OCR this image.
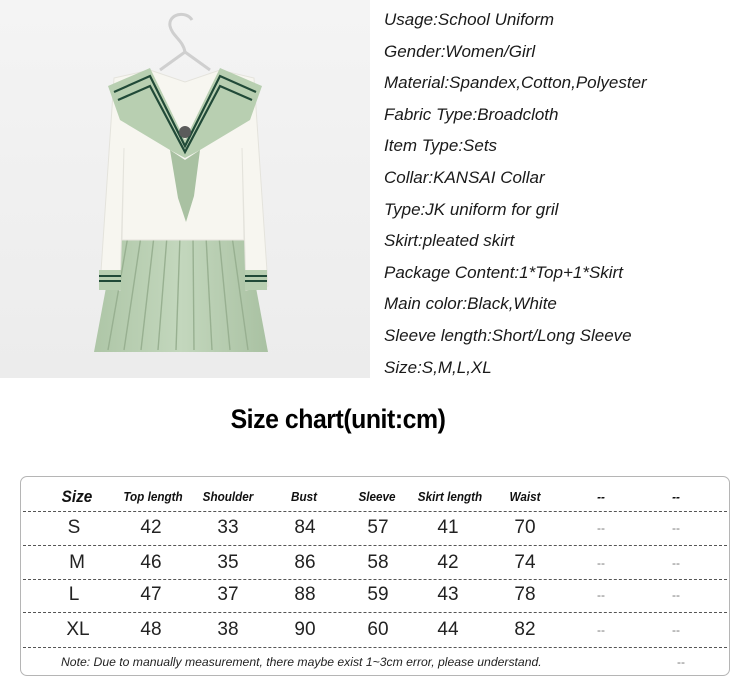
Usage:School Uniform
Gender:Women/Girl
Material:Spandex,Cotton,Polyester
Fabric Type:Broadcloth
Item Type:Sets
Collar:KANSAI Collar
Type:JK uniform for gril
Skirt:pleated skirt
Package Content:1*Top+1*Skirt
Main color:Black,White
Sleeve length:Short/Long Sleeve
Size:S,M,L,XL
Size chart(unit:cm)
Size	Top length	Shoulder	Bust	Sleeve	Skirt length	Waist	--	--
S	42	33	84	57	41	70	--	--
M	46	35	86	58	42	74	--	--
L	47	37	88	59	43	78	--	--
XL	48	38	90	60	44	82	--	--
Note: Due to manually measurement, there maybe exist 1~3cm error, please understand.	--
